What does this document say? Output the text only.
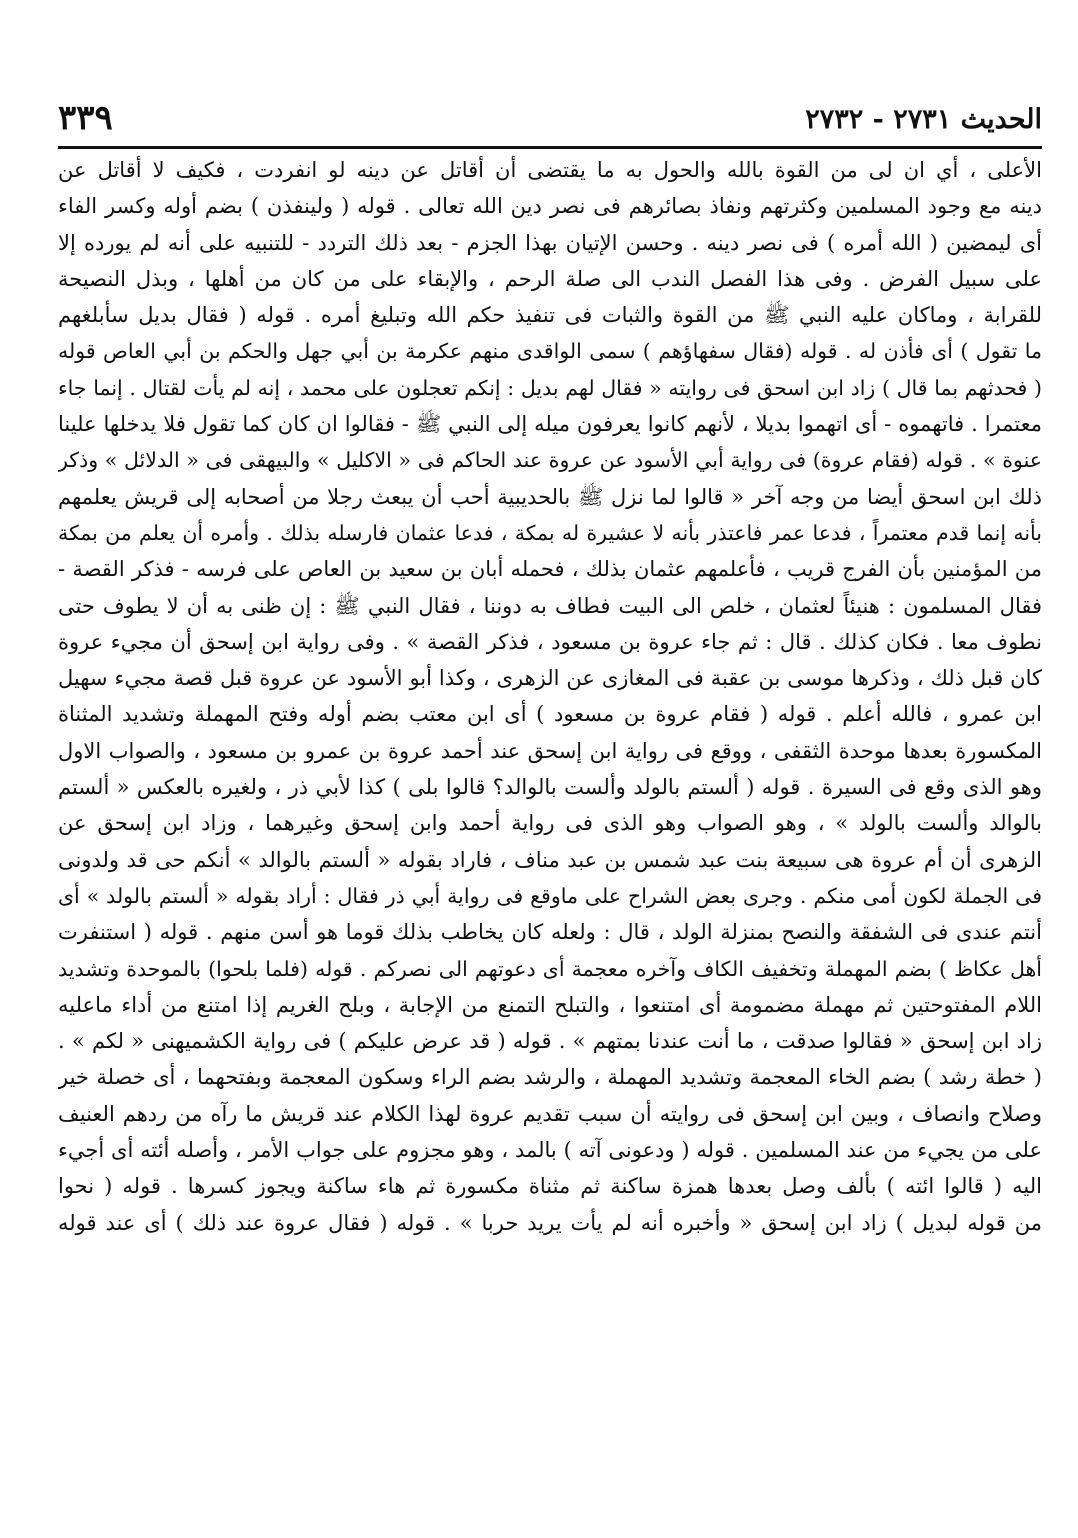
الحديث ٢٧٣١ - ٢٧٣٢
٣٣٩
الأعلى ، أي ان لى من القوة بالله والحول به ما يقتضى أن أقاتل عن دينه لو انفردت ، فكيف لا أقاتل عن
دينه مع وجود المسلمين وكثرتهم ونفاذ بصائرهم فى نصر دين الله تعالى . قوله ( ولينفذن ) بضم أوله وكسر الفاء
أى ليمضين ( الله أمره ) فى نصر دينه . وحسن الإتيان بهذا الجزم - بعد ذلك التردد - للتنبيه على أنه لم يورده إلا
على سبيل الفرض . وفى هذا الفصل الندب الى صلة الرحم ، والإبقاء على من كان من أهلها ، وبذل النصيحة
للقرابة ، وماكان عليه النبي ﷺ من القوة والثبات فى تنفيذ حكم الله وتبليغ أمره . قوله ( فقال بديل سأبلغهم
ما تقول ) أى فأذن له . قوله (فقال سفهاؤهم ) سمى الواقدى منهم عكرمة بن أبي جهل والحكم بن أبي العاص قوله
( فحدثهم بما قال ) زاد ابن اسحق فى روايته « فقال لهم بديل : إنكم تعجلون على محمد ، إنه لم يأت لقتال . إنما جاء
معتمرا . فاتهموه - أى اتهموا بديلا ، لأنهم كانوا يعرفون ميله إلى النبي ﷺ - فقالوا ان كان كما تقول فلا يدخلها علينا
عنوة » . قوله (فقام عروة) فى رواية أبي الأسود عن عروة عند الحاكم فى « الاكليل » والبيهقى فى « الدلائل » وذكر
ذلك ابن اسحق أيضا من وجه آخر « قالوا لما نزل ﷺ بالحديبية أحب أن يبعث رجلا من أصحابه إلى قريش يعلمهم
بأنه إنما قدم معتمراً ، فدعا عمر فاعتذر بأنه لا عشيرة له بمكة ، فدعا عثمان فارسله بذلك . وأمره أن يعلم من بمكة
من المؤمنين بأن الفرج قريب ، فأعلمهم عثمان بذلك ، فحمله أبان بن سعيد بن العاص على فرسه - فذكر القصة -
فقال المسلمون : هنيئاً لعثمان ، خلص الى البيت فطاف به دوننا ، فقال النبي ﷺ : إن ظنى به أن لا يطوف حتى
نطوف معا . فكان كذلك . قال : ثم جاء عروة بن مسعود ، فذكر القصة » . وفى رواية ابن إسحق أن مجيء عروة
كان قبل ذلك ، وذكرها موسى بن عقبة فى المغازى عن الزهرى ، وكذا أبو الأسود عن عروة قبل قصة مجيء سهيل
ابن عمرو ، فالله أعلم . قوله ( فقام عروة بن مسعود ) أى ابن معتب بضم أوله وفتح المهملة وتشديد المثناة
المكسورة بعدها موحدة الثقفى ، ووقع فى رواية ابن إسحق عند أحمد عروة بن عمرو بن مسعود ، والصواب الاول
وهو الذى وقع فى السيرة . قوله ( ألستم بالولد وألست بالوالد؟ قالوا بلى ) كذا لأبي ذر ، ولغيره بالعكس « ألستم
بالوالد وألست بالولد » ، وهو الصواب وهو الذى فى رواية أحمد وابن إسحق وغيرهما ، وزاد ابن إسحق عن
الزهرى أن أم عروة هى سبيعة بنت عبد شمس بن عبد مناف ، فاراد بقوله « ألستم بالوالد » أنكم حى قد ولدونى
فى الجملة لكون أمى منكم . وجرى بعض الشراح على ماوقع فى رواية أبي ذر فقال : أراد بقوله « ألستم بالولد » أى
أنتم عندى فى الشفقة والنصح بمنزلة الولد ، قال : ولعله كان يخاطب بذلك قوما هو أسن منهم . قوله ( استنفرت
أهل عكاظ ) بضم المهملة وتخفيف الكاف وآخره معجمة أى دعوتهم الى نصركم . قوله (فلما بلحوا) بالموحدة وتشديد
اللام المفتوحتين ثم مهملة مضمومة أى امتنعوا ، والتبلح التمنع من الإجابة ، وبلح الغريم إذا امتنع من أداء ماعليه
زاد ابن إسحق « فقالوا صدقت ، ما أنت عندنا بمتهم » . قوله ( قد عرض عليكم ) فى رواية الكشميهنى « لكم » .
( خطة رشد ) بضم الخاء المعجمة وتشديد المهملة ، والرشد بضم الراء وسكون المعجمة وبفتحهما ، أى خصلة خير
وصلاح وانصاف ، وبين ابن إسحق فى روايته أن سبب تقديم عروة لهذا الكلام عند قريش ما رآه من ردهم العنيف
على من يجيء من عند المسلمين . قوله ( ودعونى آته ) بالمد ، وهو مجزوم على جواب الأمر ، وأصله أئته أى أجيء
اليه ( قالوا ائته ) بألف وصل بعدها همزة ساكنة ثم مثناة مكسورة ثم هاء ساكنة ويجوز كسرها . قوله ( نحوا
من قوله لبديل ) زاد ابن إسحق « وأخبره أنه لم يأت يريد حربا » . قوله ( فقال عروة عند ذلك ) أى عند قوله
